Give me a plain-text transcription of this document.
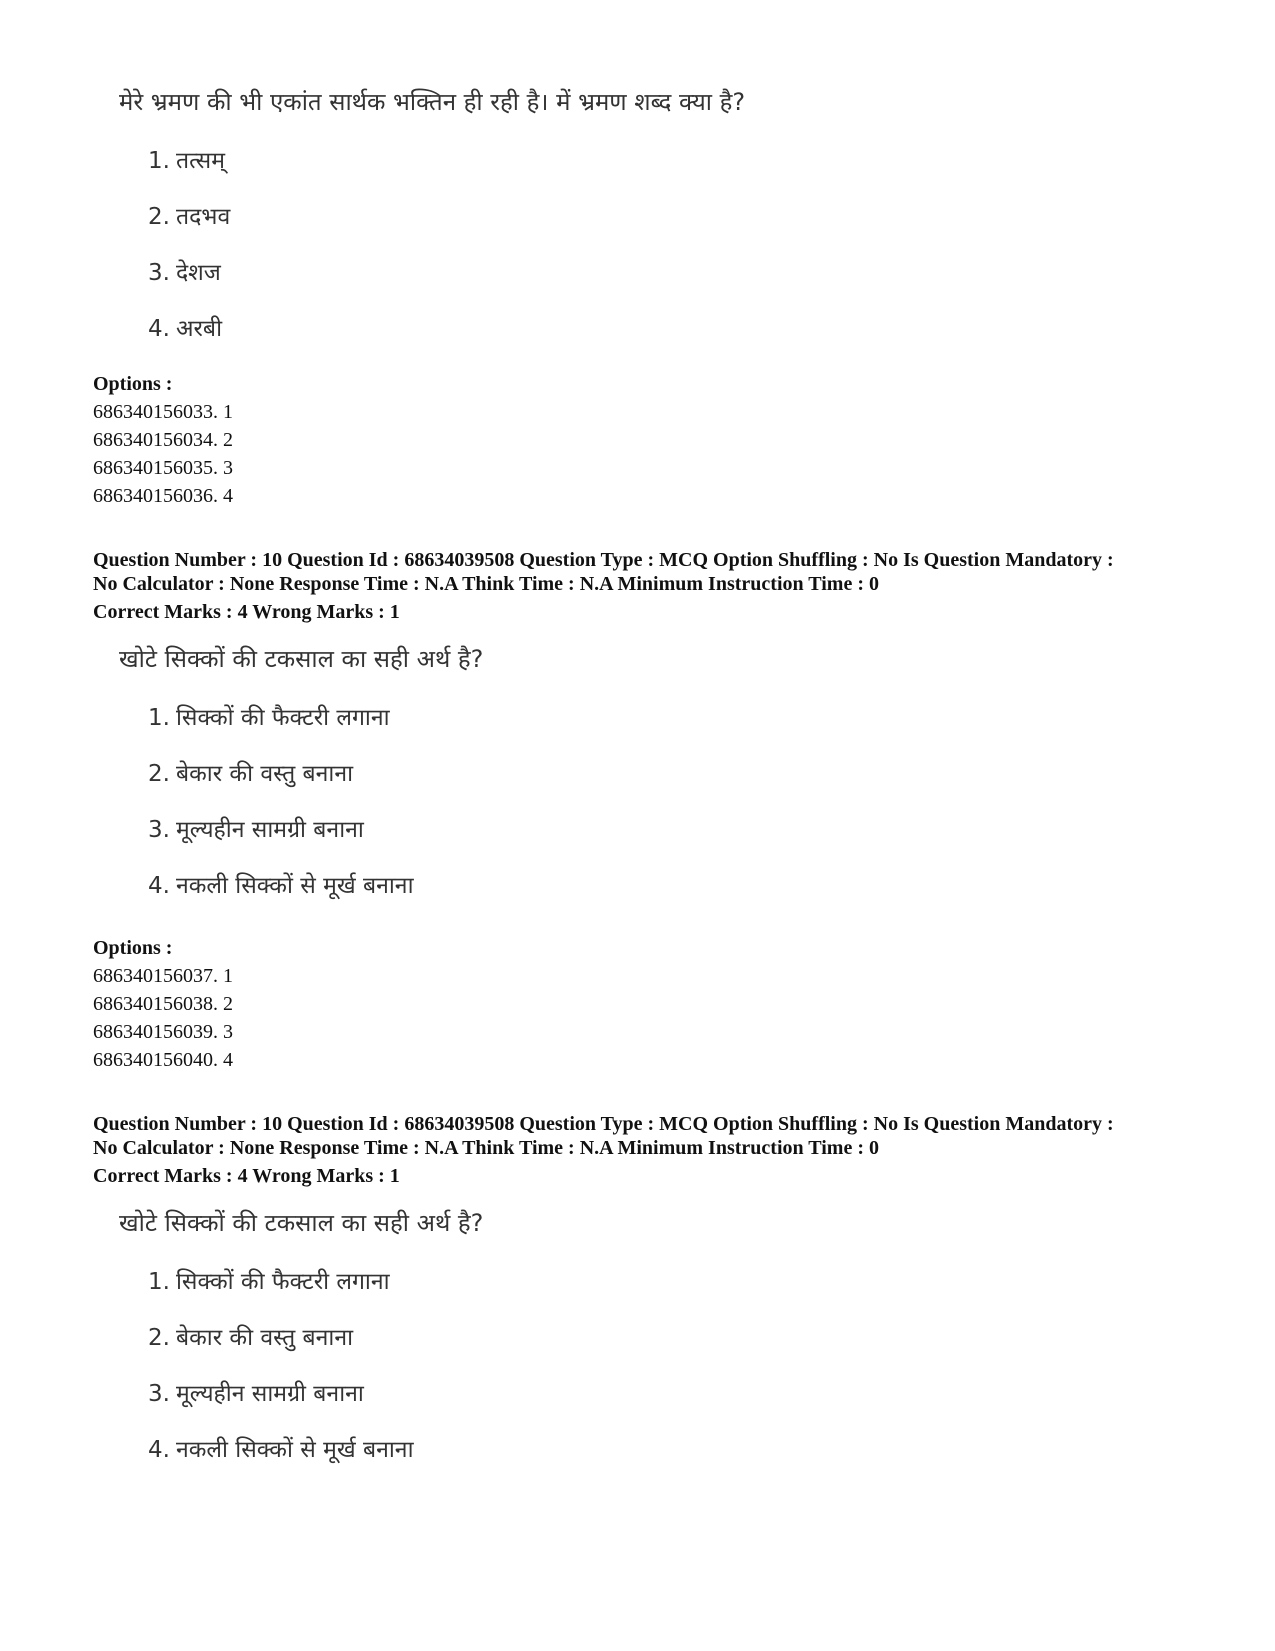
मेरे भ्रमण की भी एकांत सार्थक भक्तिन ही रही है। में भ्रमण शब्द क्या है?
1. तत्सम्
2. तदभव
3. देशज
4. अरबी
Options :
686340156033. 1
686340156034. 2
686340156035. 3
686340156036. 4
Question Number : 10 Question Id : 68634039508 Question Type : MCQ Option Shuffling : No Is Question Mandatory :
No Calculator : None Response Time : N.A Think Time : N.A Minimum Instruction Time : 0
Correct Marks : 4 Wrong Marks : 1
खोटे सिक्कों की टकसाल का सही अर्थ है?
1. सिक्कों की फैक्टरी लगाना
2. बेकार की वस्तु बनाना
3. मूल्यहीन सामग्री बनाना
4. नकली सिक्कों से मूर्ख बनाना
Options :
686340156037. 1
686340156038. 2
686340156039. 3
686340156040. 4
Question Number : 10 Question Id : 68634039508 Question Type : MCQ Option Shuffling : No Is Question Mandatory :
No Calculator : None Response Time : N.A Think Time : N.A Minimum Instruction Time : 0
Correct Marks : 4 Wrong Marks : 1
खोटे सिक्कों की टकसाल का सही अर्थ है?
1. सिक्कों की फैक्टरी लगाना
2. बेकार की वस्तु बनाना
3. मूल्यहीन सामग्री बनाना
4. नकली सिक्कों से मूर्ख बनाना
